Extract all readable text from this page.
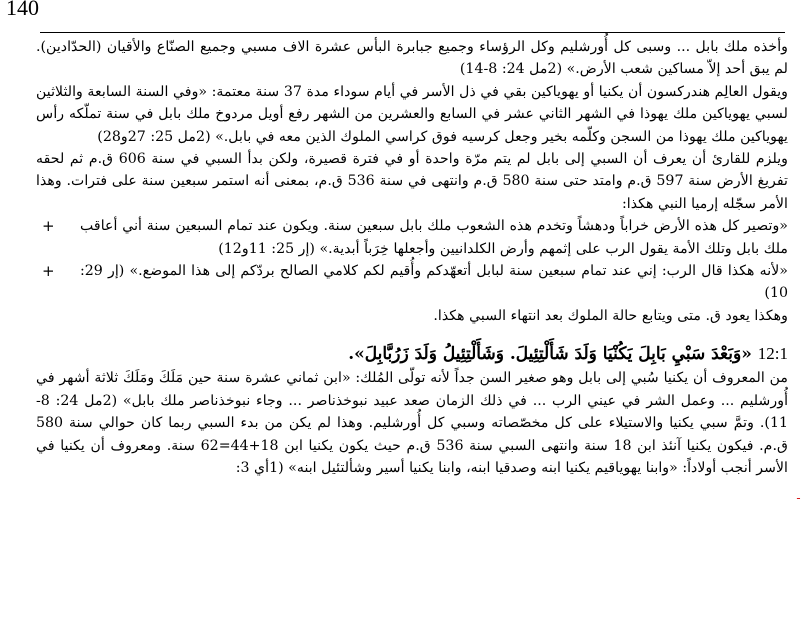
140

وأخذه ملك بابل ... وسبى كل أُورشليم وكل الرؤساء وجميع جبابرة البأس عشرة الاف مسبي وجميع الصنّاع والأقيان (الحدّادين). لم يبق أحد إلاّ مساكين شعب الأرض.» (2مل 24: 8-14)

ويقول العالِم هندركسون أن يكنيا أو يهوياكين بقي في ذل الأسر في أيام سوداء مدة 37 سنة معتمة: «وفي السنة السابعة والثلاثين لسبي يهوياكين ملك يهوذا في الشهر الثاني عشر في السابع والعشرين من الشهر رفع أويل مردوخ ملك بابل في سنة تملّكه رأس يهوياكين ملك يهوذا من السجن وكلّمه بخير وجعل كرسيه فوق كراسي الملوك الذين معه في بابل.» (2مل 25: 27و28)

ويلزم للقارئ أن يعرف أن السبي إلى بابل لم يتم مرّة واحدة أو في فترة قصيرة، ولكن بدأ السبي في سنة 606 ق.م ثم لحقه تفريغ الأرض سنة 597 ق.م وامتد حتى سنة 580 ق.م وانتهى في سنة 536 ق.م، بمعنى أنه استمر سبعين سنة على فترات. وهذا الأمر سجّله إرميا النبي هكذا:

+ «وتصير كل هذه الأرض خراباً ودهشاً وتخدم هذه الشعوب ملك بابل سبعين سنة. ويكون عند تمام السبعين سنة أني أعاقب ملك بابل وتلك الأمة يقول الرب على إثمهم وأرض الكلدانيين وأجعلها خِرَباً أبدية.» (إر 25: 11و12)
+ «لأنه هكذا قال الرب: إني عند تمام سبعين سنة لبابل أتعهّدكم وأُقيم لكم كلامي الصالح بردّكم إلى هذا الموضع.» (إر 29: 10)

وهكذا يعود ق. متى ويتابع حالة الملوك بعد انتهاء السبي هكذا.

12:1 «وَبَعْدَ سَبْيِ بَابِلَ يَكُنْيَا وَلَدَ شَأَلْتِئِيلَ. وَشَأَلْتِئِيلُ وَلَدَ زَرُبَّابِلَ».

من المعروف أن يكنيا سُبي إلى بابل وهو صغير السن جداً لأنه تولّى المُلك: «ابن ثماني عشرة سنة حين مَلَكَ ومَلَكَ ثلاثة أشهر في أُورشليم ... وعمل الشر في عيني الرب ... في ذلك الزمان صعد عبيد نبوخذناصر ... وجاء نبوخذناصر ملك بابل» (2مل 24: 8-11). وتمَّ سبي يكنيا والاستيلاء على كل مخصّصاته وسبي كل أُورشليم. وهذا لم يكن من بدء السبي ربما كان حوالي سنة 580 ق.م. فيكون يكنيا آنئذ ابن 18 سنة وانتهى السبي سنة 536 ق.م حيث يكون يكنيا ابن 18+44=62 سنة. ومعروف أن يكنيا في الأسر أنجب أولاداً: «وابنا يهوياقيم يكنيا ابنه وصدقيا ابنه، وابنا يكنيا أسير وشألتئيل ابنه» (1أي 3:

ـ
